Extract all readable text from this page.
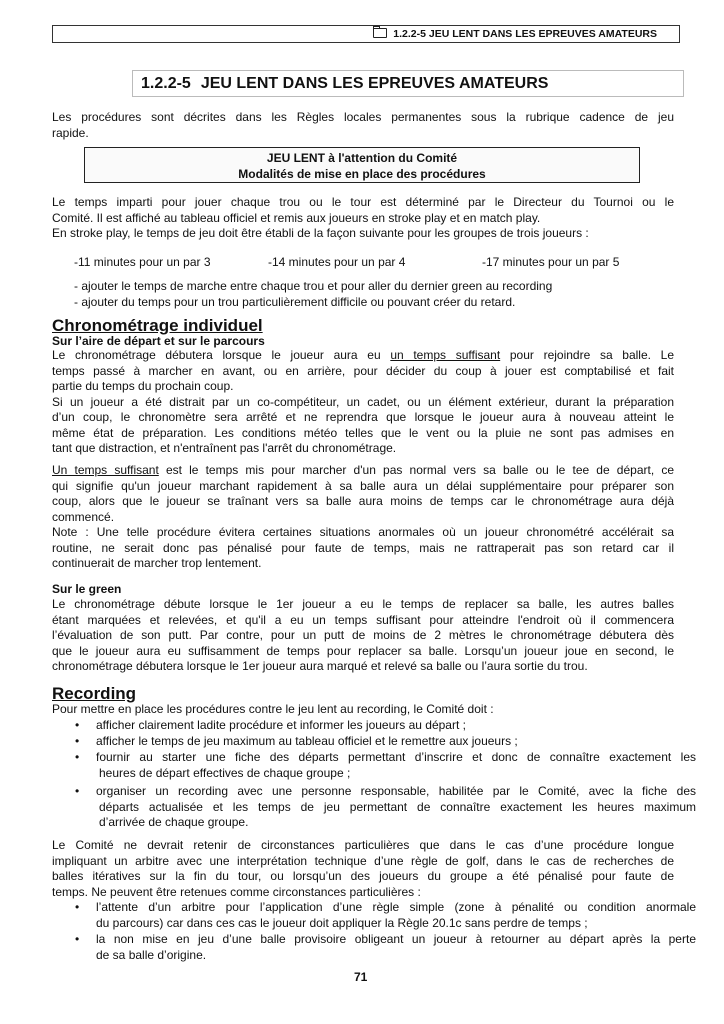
1.2.2-5 JEU LENT DANS LES EPREUVES AMATEURS
1.2.2-5 JEU LENT DANS LES EPREUVES AMATEURS
Les procédures sont décrites dans les Règles locales permanentes sous la rubrique cadence de jeu
rapide.
JEU LENT à l'attention du Comité
Modalités de mise en place des procédures
Le temps imparti pour jouer chaque trou ou le tour est déterminé par le Directeur du Tournoi ou le
Comité. Il est affiché au tableau officiel et remis aux joueurs en stroke play et en match play.
En stroke play, le temps de jeu doit être établi de la façon suivante pour les groupes de trois joueurs :
-11 minutes pour un par 3	-14 minutes pour un par 4	-17 minutes pour un par 5
- ajouter le temps de marche entre chaque trou et pour aller du dernier green au recording
- ajouter du temps pour un trou particulièrement difficile ou pouvant créer du retard.
Chronométrage individuel
Sur l’aire de départ et sur le parcours
Le chronométrage débutera lorsque le joueur aura eu un temps suffisant pour rejoindre sa balle. Le
temps passé à marcher en avant, ou en arrière, pour décider du coup à jouer est comptabilisé et fait
partie du temps du prochain coup.
Si un joueur a été distrait par un co-compétiteur, un cadet, ou un élément extérieur, durant la préparation
d’un coup, le chronomètre sera arrêté et ne reprendra que lorsque le joueur aura à nouveau atteint le
même état de préparation. Les conditions météo telles que le vent ou la pluie ne sont pas admises en
tant que distraction, et n'entraînent pas l'arrêt du chronométrage.
Un temps suffisant est le temps mis pour marcher d'un pas normal vers sa balle ou le tee de départ, ce
qui signifie qu'un joueur marchant rapidement à sa balle aura un délai supplémentaire pour préparer son
coup, alors que le joueur se traînant vers sa balle aura moins de temps car le chronométrage aura déjà
commencé.
Note : Une telle procédure évitera certaines situations anormales où un joueur chronométré accélérait sa
routine, ne serait donc pas pénalisé pour faute de temps, mais ne rattraperait pas son retard car il
continuerait de marcher trop lentement.
Sur le green
Le chronométrage débute lorsque le 1er joueur a eu le temps de replacer sa balle, les autres balles
étant marquées et relevées, et qu'il a eu un temps suffisant pour atteindre l'endroit où il commencera
l’évaluation de son putt. Par contre, pour un putt de moins de 2 mètres le chronométrage débutera dès
que le joueur aura eu suffisamment de temps pour replacer sa balle. Lorsqu’un joueur joue en second, le
chronométrage débutera lorsque le 1er joueur aura marqué et relevé sa balle ou l’aura sortie du trou.
Recording
Pour mettre en place les procédures contre le jeu lent au recording, le Comité doit :
• afficher clairement ladite procédure et informer les joueurs au départ ;
• afficher le temps de jeu maximum au tableau officiel et le remettre aux joueurs ;
• fournir au starter une fiche des départs permettant d’inscrire et donc de connaître exactement les
heures de départ effectives de chaque groupe ;
• organiser un recording avec une personne responsable, habilitée par le Comité, avec la fiche des
départs actualisée et les temps de jeu permettant de connaître exactement les heures maximum
d’arrivée de chaque groupe.
Le Comité ne devrait retenir de circonstances particulières que dans le cas d’une procédure longue
impliquant un arbitre avec une interprétation technique d’une règle de golf, dans le cas de recherches de
balles itératives sur la fin du tour, ou lorsqu’un des joueurs du groupe a été pénalisé pour faute de
temps. Ne peuvent être retenues comme circonstances particulières :
• l’attente d’un arbitre pour l’application d’une règle simple (zone à pénalité ou condition anormale
du parcours) car dans ces cas le joueur doit appliquer la Règle 20.1c sans perdre de temps ;
• la non mise en jeu d’une balle provisoire obligeant un joueur à retourner au départ après la perte
de sa balle d’origine.
71
